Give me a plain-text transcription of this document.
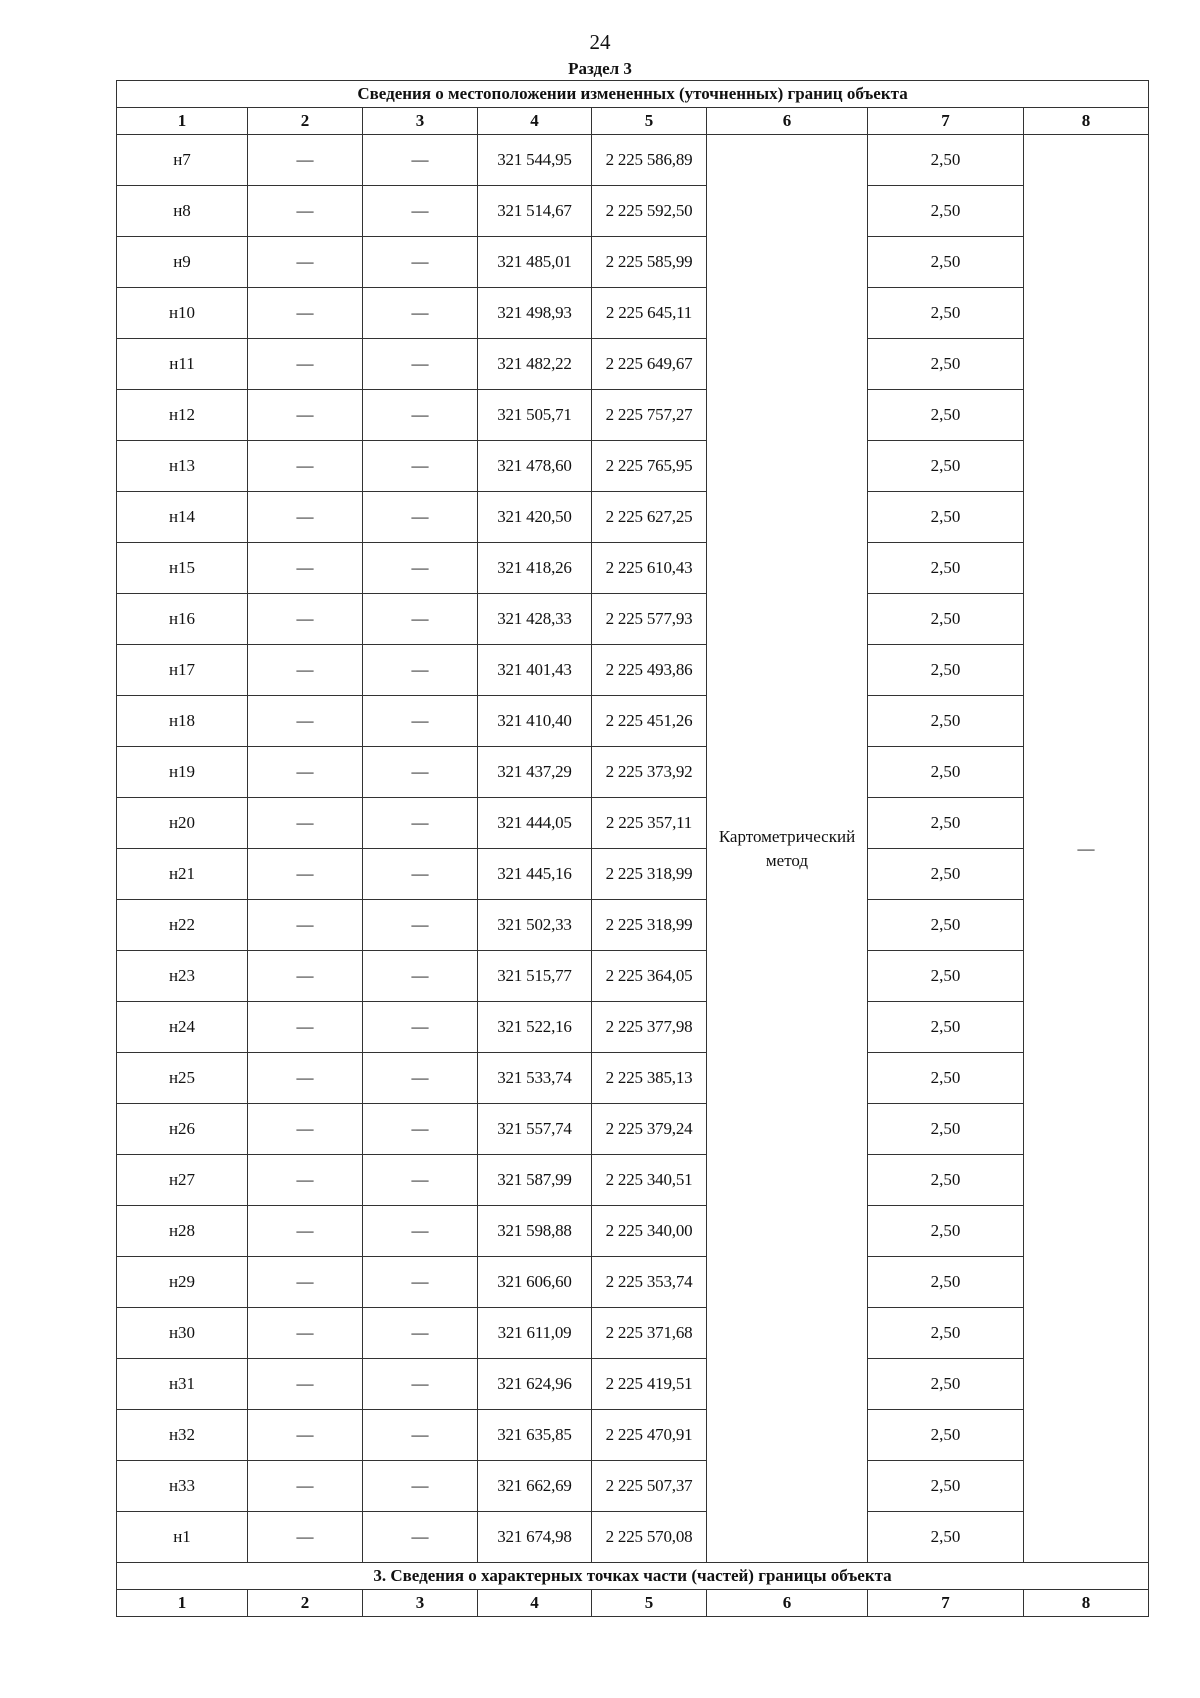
24
Раздел 3
Сведения о местоположении измененных (уточненных) границ объекта							
1	2	3	4	5	6	7	8
н7	—	—	321 544,95	2 225 586,89	Картометрический метод	2,50	—
н8	—	—	321 514,67	2 225 592,50		2,50	
н9	—	—	321 485,01	2 225 585,99		2,50	
н10	—	—	321 498,93	2 225 645,11		2,50	
н11	—	—	321 482,22	2 225 649,67		2,50	
н12	—	—	321 505,71	2 225 757,27		2,50	
н13	—	—	321 478,60	2 225 765,95		2,50	
н14	—	—	321 420,50	2 225 627,25		2,50	
н15	—	—	321 418,26	2 225 610,43		2,50	
н16	—	—	321 428,33	2 225 577,93		2,50	
н17	—	—	321 401,43	2 225 493,86		2,50	
н18	—	—	321 410,40	2 225 451,26		2,50	
н19	—	—	321 437,29	2 225 373,92		2,50	
н20	—	—	321 444,05	2 225 357,11		2,50	
н21	—	—	321 445,16	2 225 318,99		2,50	
н22	—	—	321 502,33	2 225 318,99		2,50	
н23	—	—	321 515,77	2 225 364,05		2,50	
н24	—	—	321 522,16	2 225 377,98		2,50	
н25	—	—	321 533,74	2 225 385,13		2,50	
н26	—	—	321 557,74	2 225 379,24		2,50	
н27	—	—	321 587,99	2 225 340,51		2,50	
н28	—	—	321 598,88	2 225 340,00		2,50	
н29	—	—	321 606,60	2 225 353,74		2,50	
н30	—	—	321 611,09	2 225 371,68		2,50	
н31	—	—	321 624,96	2 225 419,51		2,50	
н32	—	—	321 635,85	2 225 470,91		2,50	
н33	—	—	321 662,69	2 225 507,37		2,50	
н1	—	—	321 674,98	2 225 570,08		2,50	
3. Сведения о характерных точках части (частей) границы объекта							
1	2	3	4	5	6	7	8
